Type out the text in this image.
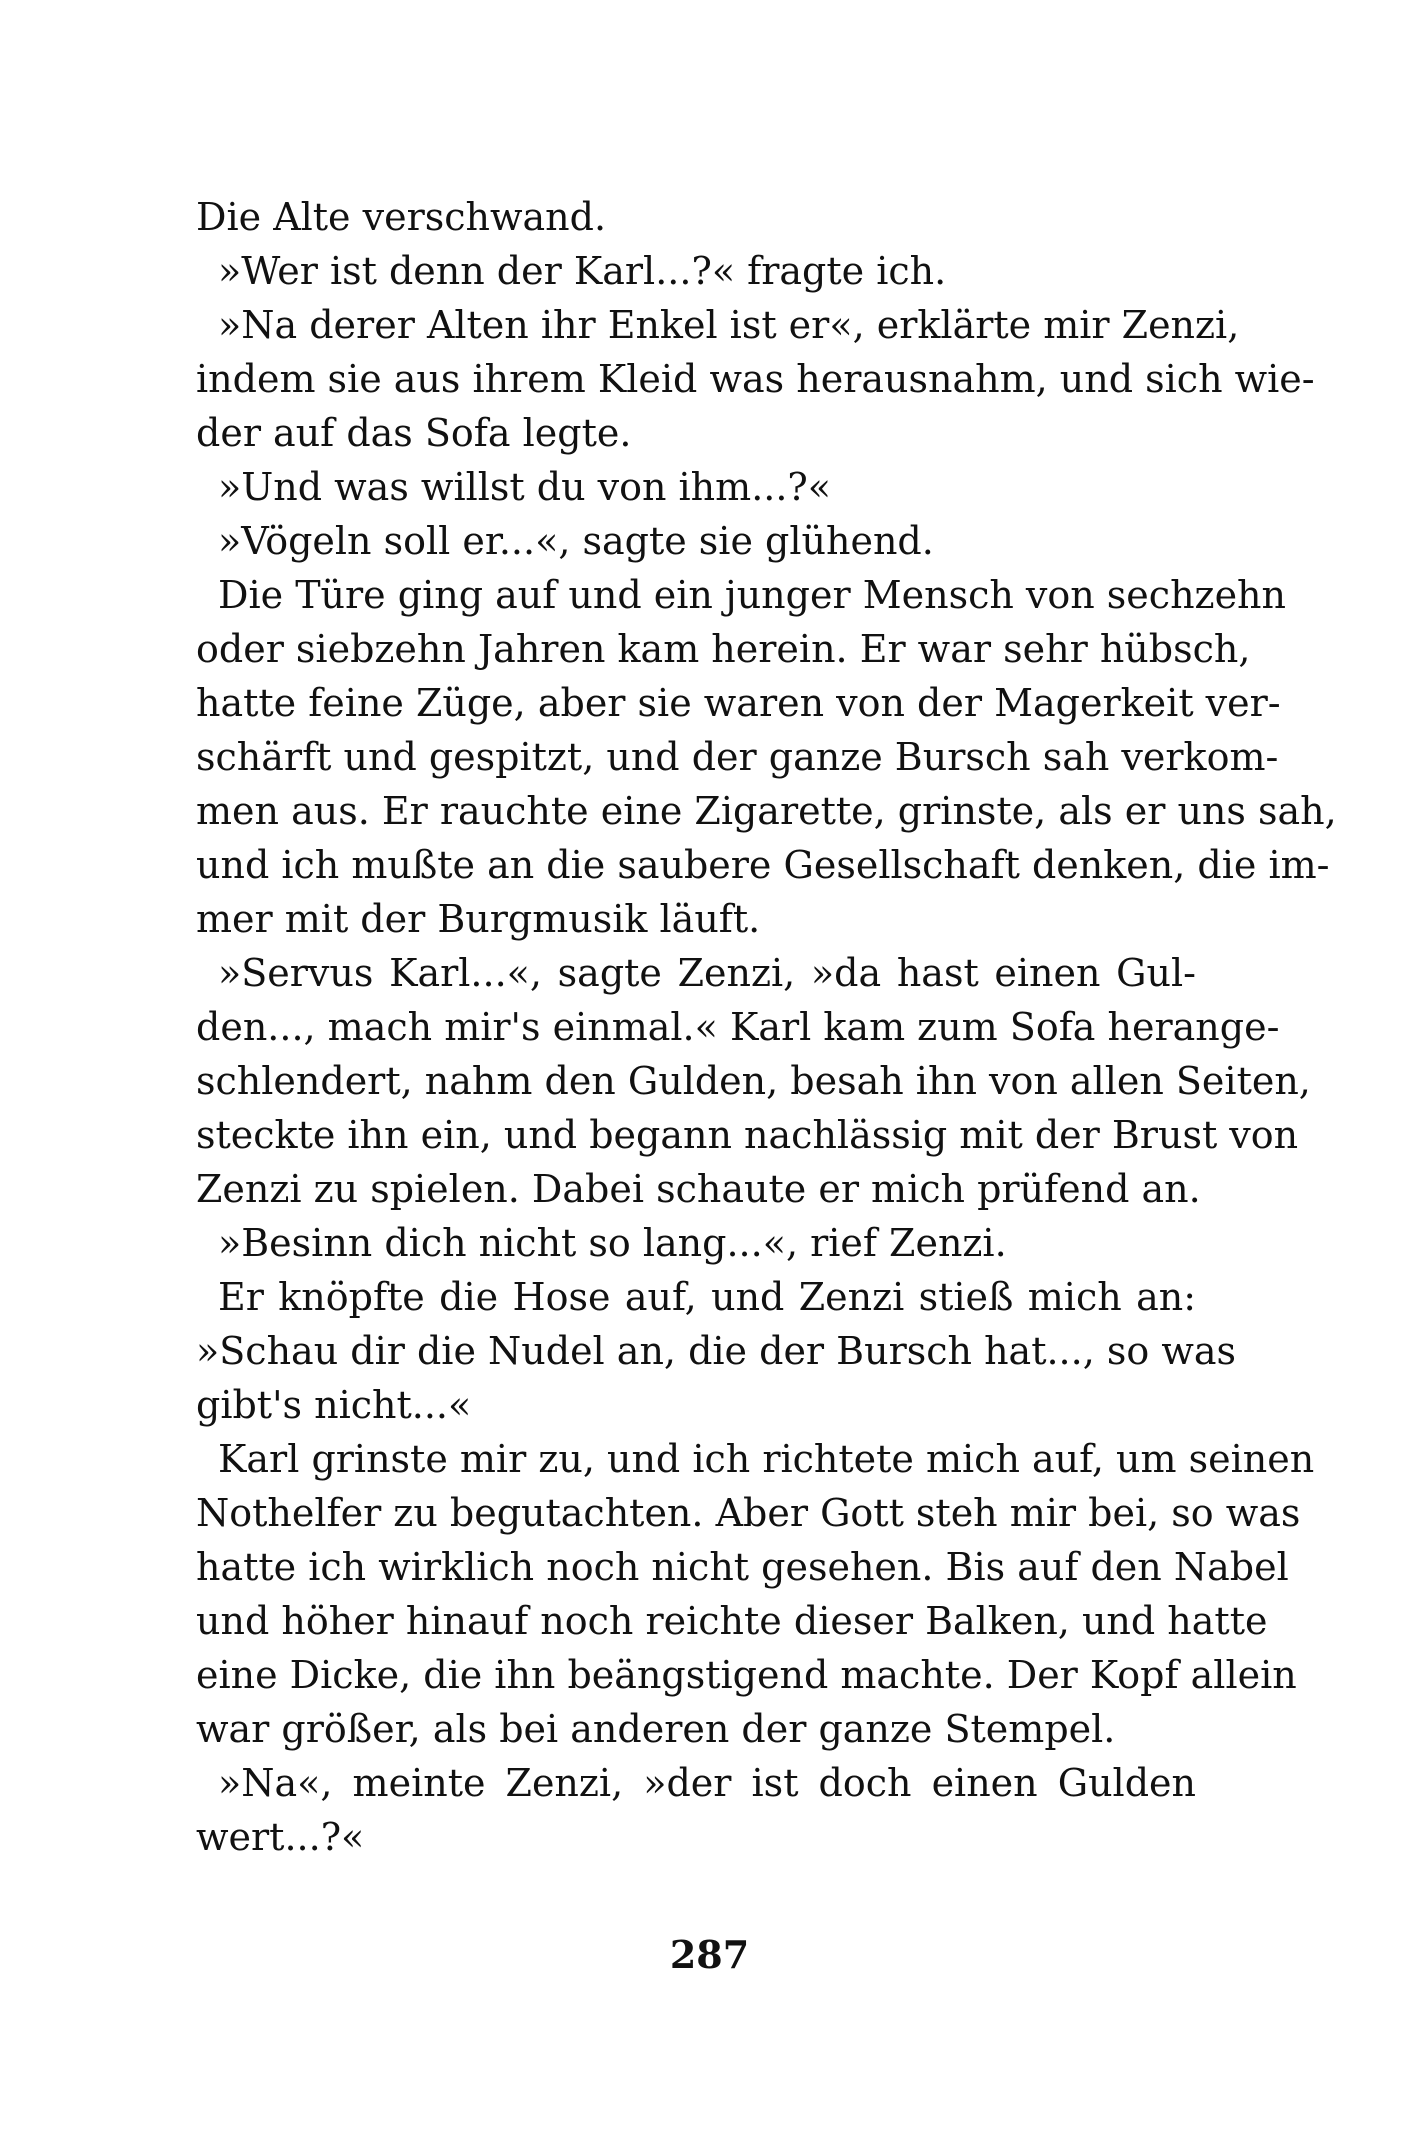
Die Alte verschwand.
»Wer ist denn der Karl...?« fragte ich.
»Na derer Alten ihr Enkel ist er«, erklärte mir Zenzi,
indem sie aus ihrem Kleid was herausnahm, und sich wie-
der auf das Sofa legte.
»Und was willst du von ihm...?«
»Vögeln soll er...«, sagte sie glühend.
Die Türe ging auf und ein junger Mensch von sechzehn
oder siebzehn Jahren kam herein. Er war sehr hübsch,
hatte feine Züge, aber sie waren von der Magerkeit ver-
schärft und gespitzt, und der ganze Bursch sah verkom-
men aus. Er rauchte eine Zigarette, grinste, als er uns sah,
und ich mußte an die saubere Gesellschaft denken, die im-
mer mit der Burgmusik läuft.
»Servus Karl...«, sagte Zenzi, »da hast einen Gul-
den..., mach mir's einmal.« Karl kam zum Sofa herange-
schlendert, nahm den Gulden, besah ihn von allen Seiten,
steckte ihn ein, und begann nachlässig mit der Brust von
Zenzi zu spielen. Dabei schaute er mich prüfend an.
»Besinn dich nicht so lang...«, rief Zenzi.
Er knöpfte die Hose auf, und Zenzi stieß mich an:
»Schau dir die Nudel an, die der Bursch hat..., so was
gibt's nicht...«
Karl grinste mir zu, und ich richtete mich auf, um seinen
Nothelfer zu begutachten. Aber Gott steh mir bei, so was
hatte ich wirklich noch nicht gesehen. Bis auf den Nabel
und höher hinauf noch reichte dieser Balken, und hatte
eine Dicke, die ihn beängstigend machte. Der Kopf allein
war größer, als bei anderen der ganze Stempel.
»Na«, meinte Zenzi, »der ist doch einen Gulden
wert...?«
287
